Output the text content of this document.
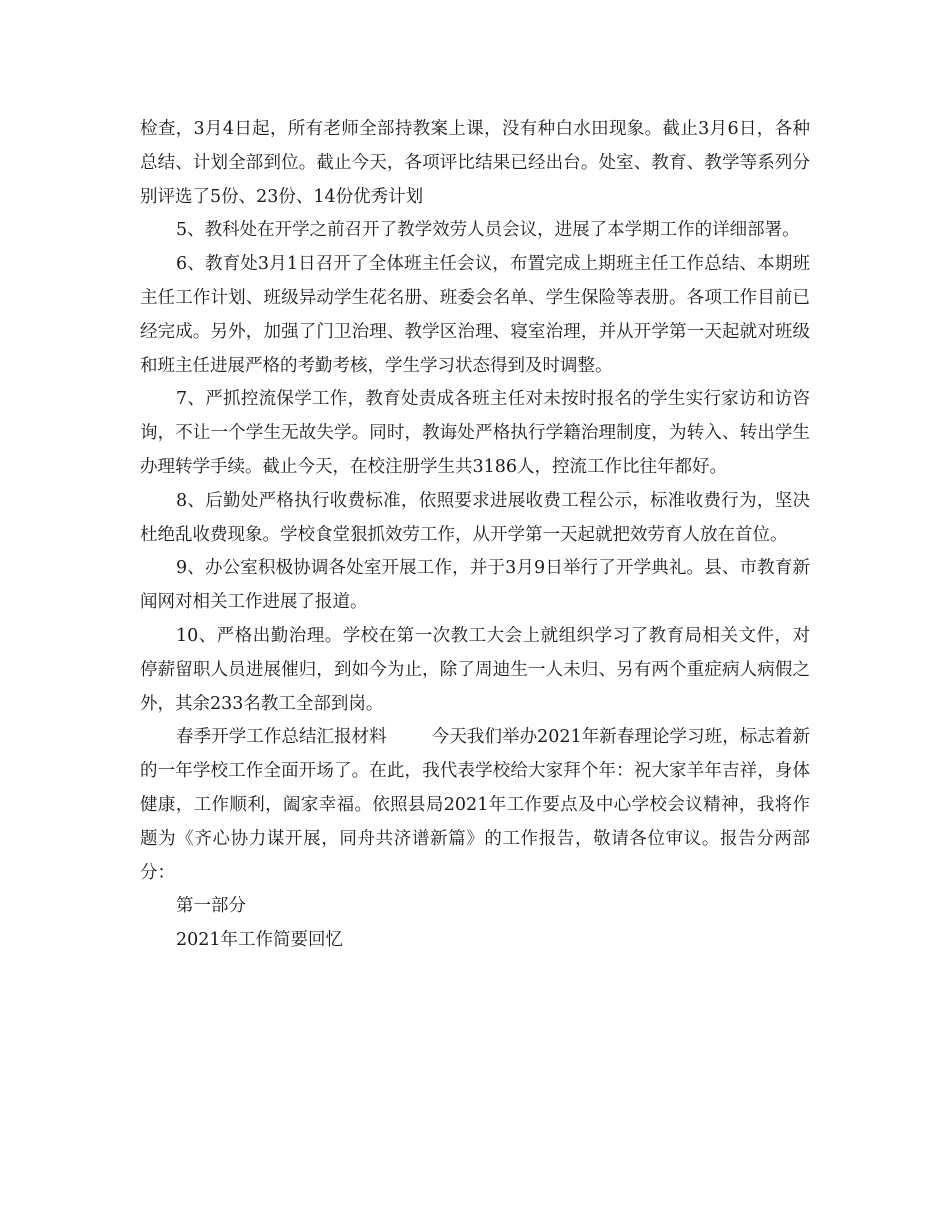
检查，3月4日起，所有老师全部持教案上课，没有种白水田现象。截止3月6日，各种总结、计划全部到位。截止今天，各项评比结果已经出台。处室、教育、教学等系列分别评选了5份、23份、14份优秀计划

5、教科处在开学之前召开了教学效劳人员会议，进展了本学期工作的详细部署。

6、教育处3月1日召开了全体班主任会议，布置完成上期班主任工作总结、本期班主任工作计划、班级异动学生花名册、班委会名单、学生保险等表册。各项工作目前已经完成。另外，加强了门卫治理、教学区治理、寝室治理，并从开学第一天起就对班级和班主任进展严格的考勤考核，学生学习状态得到及时调整。

7、严抓控流保学工作，教育处责成各班主任对未按时报名的学生实行家访和访咨询，不让一个学生无故失学。同时，教诲处严格执行学籍治理制度，为转入、转出学生办理转学手续。截止今天，在校注册学生共3186人，控流工作比往年都好。

8、后勤处严格执行收费标准，依照要求进展收费工程公示，标准收费行为，坚决杜绝乱收费现象。学校食堂狠抓效劳工作，从开学第一天起就把效劳育人放在首位。

9、办公室积极协调各处室开展工作，并于3月9日举行了开学典礼。县、市教育新闻网对相关工作进展了报道。

10、严格出勤治理。学校在第一次教工大会上就组织学习了教育局相关文件，对停薪留职人员进展催归，到如今为止，除了周迪生一人未归、另有两个重症病人病假之外，其余233名教工全部到岗。

春季开学工作总结汇报材料        今天我们举办2021年新春理论学习班，标志着新的一年学校工作全面开场了。在此，我代表学校给大家拜个年：祝大家羊年吉祥，身体健康，工作顺利，阖家幸福。依照县局2021年工作要点及中心学校会议精神，我将作题为《齐心协力谋开展，同舟共济谱新篇》的工作报告，敬请各位审议。报告分两部分：

第一部分

2021年工作简要回忆
